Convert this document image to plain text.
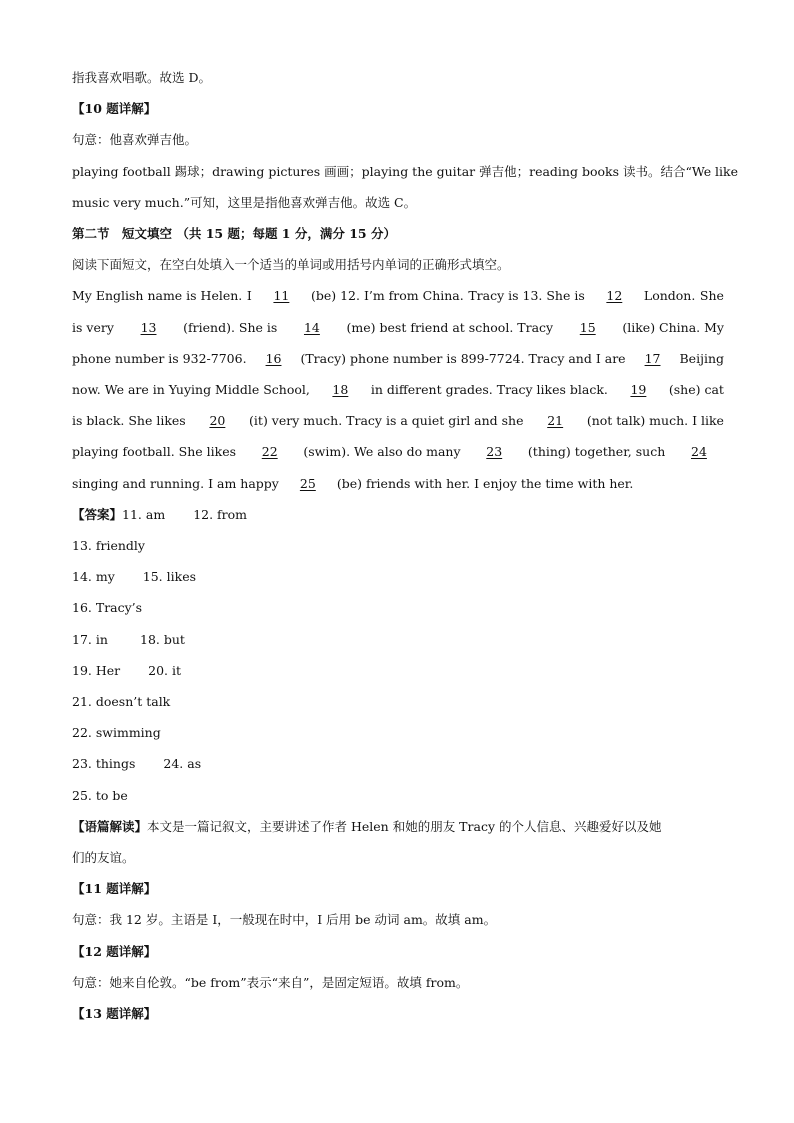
指我喜欢唱歌。故选 D。

【10 题详解】

句意：他喜欢弹吉他。

playing football 踢球；drawing pictures 画画；playing the guitar 弹吉他；reading books 读书。结合“We like

music very much.”可知，这里是指他喜欢弹吉他。故选 C。

第二节　短文填空 （共 15 题；每题 1 分，满分 15 分）

阅读下面短文，在空白处填入一个适当的单词或用括号内单词的正确形式填空。

My English name is Helen. I	11	(be) 12. I’m from China. Tracy is 13. She is	12	London. She
is very	13	(friend). She is	14	(me) best friend at school. Tracy	15	(like) China. My
phone number is 932-7706.	16	(Tracy) phone number is 899-7724. Tracy and I are	17	Beijing
now. We are in Yuying Middle School,	18	in different grades. Tracy likes black.	19	(she) cat
is black. She likes	20	(it) very much. Tracy is a quiet girl and she	21	(not talk) much. I like
playing football. She likes	22	(swim). We also do many	23	(thing) together, such	24

singing and running. I am happy 25 (be) friends with her. I enjoy the time with her.

【答案】11. am 12. from

13. friendly

14. my 15. likes

16. Tracy’s

17. in	18. but

19. Her 20. it

21. doesn’t talk

22. swimming

23. things 24. as

25. to be

【语篇解读】本文是一篇记叙文，主要讲述了作者 Helen 和她的朋友 Tracy 的个人信息、兴趣爱好以及她

们的友谊。

【11 题详解】

句意：我 12 岁。主语是 I，一般现在时中，I 后用 be 动词 am。故填 am。

【12 题详解】

句意：她来自伦敦。“be from”表示“来自”，是固定短语。故填 from。

【13 题详解】
